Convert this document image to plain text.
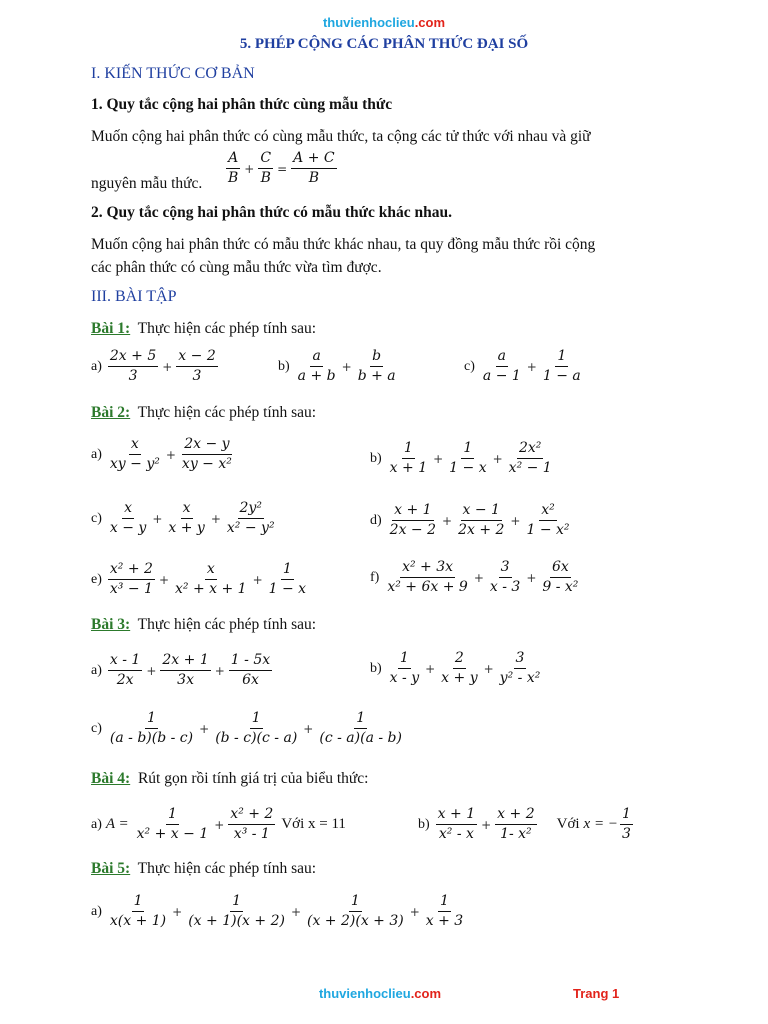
thuvienhoclieu.com
5. PHÉP CỘNG CÁC PHÂN THỨC ĐẠI SỐ
I. KIẾN THỨC CƠ BẢN
1. Quy tắc cộng hai phân thức cùng mẫu thức
Muốn cộng hai phân thức có cùng mẫu thức, ta cộng các tử thức với nhau và giữ
nguyên mẫu thức. $\frac{A}{B} + \frac{C}{B} = \frac{A + C}{B}$
2. Quy tắc cộng hai phân thức có mẫu thức khác nhau.
Muốn cộng hai phân thức có mẫu thức khác nhau, ta quy đồng mẫu thức rồi cộng
các phân thức có cùng mẫu thức vừa tìm được.
III. BÀI TẬP
Bài 1: Thực hiện các phép tính sau:
$a) \frac{2x + 5}{3} + \frac{x - 2}{3}$	$b) \frac{a}{a + b} + \frac{b}{b + a}$	$c) \frac{a}{a - 1} + \frac{1}{1 - a}$
Bài 2: Thực hiện các phép tính sau:
$a) \frac{x}{\text{xy − y²}} + \frac{2x - y}{\text{xy − x²}}$	$b) \frac{1}{x + 1} + \frac{1}{1 - x} + \frac{\text{2x²}}{\text{x² − 1}}$
$c) \frac{x}{x - y} + \frac{x}{x + y} + \frac{\text{2y²}}{\text{x² − y²}}$	$d) \frac{x + 1}{2x - 2} + \frac{x - 1}{2x + 2} + \frac{\text{x²}}{\text{1 − x²}}$
$e) \frac{\text{x² + 2}}{\text{x³ − 1}} + \frac{x}{\text{x² + x + 1}} + \frac{1}{1 - x}$	$f) \frac{\text{x² + 3x}}{\text{x² + 6x + 9}} + \frac{3}{x - 3} + \frac{6x}{\text{9 - x²}}$
Bài 3: Thực hiện các phép tính sau:
$a) \frac{x - 1}{2x} + \frac{2x + 1}{3x} + \frac{1 - 5x}{6x}$	$b) \frac{1}{x - y} + \frac{2}{x + y} + \frac{3}{\text{y² - x²}}$
$c) \frac{1}{(a - b)(b - c)} + \frac{1}{(b - c)(c - a)} + \frac{1}{(c - a)(a - b)}$
Bài 4: Rút gọn rồi tính giá trị của biểu thức:
a) $A = \frac{1}{\text{x² + x − 1}} + \frac{\text{x² + 2}}{\text{x³ - 1}}$ Với x = 11	$b) \frac{x + 1}{\text{x² - x}} + \frac{x + 2}{\text{1- x²}}$ Với x = − $\frac{1}{3}$
Bài 5: Thực hiện các phép tính sau:
$a) \frac{1}{x(x + 1)} + \frac{1}{(x + 1)(x + 2)} + \frac{1}{(x + 2)(x + 3)} + \frac{1}{x + 3}$
thuvienhoclieu.com	Trang 1
